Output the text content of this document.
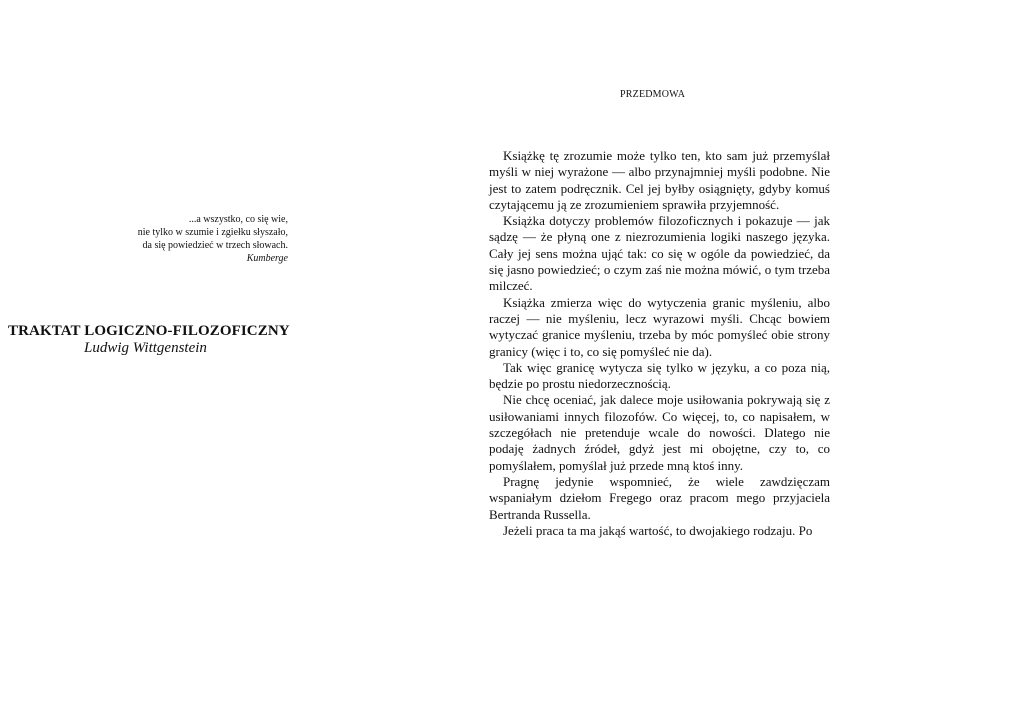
...a wszystko, co się wie,
nie tylko w szumie i zgiełku słyszało,
da się powiedzieć w trzech słowach.
Kumberge
TRAKTAT LOGICZNO-FILOZOFICZNY
Ludwig Wittgenstein
PRZEDMOWA

Książkę tę zrozumie może tylko ten, kto sam już przemyślał myśli w niej wyrażone — albo przynajmniej myśli podobne. Nie jest to zatem podręcznik. Cel jej byłby osiągnięty, gdyby komuś czytającemu ją ze zrozumieniem sprawiła przyjemność.

Książka dotyczy problemów filozoficznych i pokazuje — jak sądzę — że płyną one z niezrozumienia logiki naszego języka. Cały jej sens można ująć tak: co się w ogóle da powiedzieć, da się jasno powiedzieć; o czym zaś nie można mówić, o tym trzeba milczeć.

Książka zmierza więc do wytyczenia granic myśleniu, albo raczej — nie myśleniu, lecz wyrazowi myśli. Chcąc bowiem wytyczać granice myśleniu, trzeba by móc pomyśleć obie strony granicy (więc i to, co się pomyśleć nie da).

Tak więc granicę wytycza się tylko w języku, a co poza nią, będzie po prostu niedorzecznością.

Nie chcę oceniać, jak dalece moje usiłowania pokrywają się z usiłowaniami innych filozofów. Co więcej, to, co napisałem, w szczegółach nie pretenduje wcale do nowości. Dlatego nie podaję żadnych źródeł, gdyż jest mi obojętne, czy to, co pomyślałem, pomyślał już przede mną ktoś inny.

Pragnę jedynie wspomnieć, że wiele zawdzięczam wspaniałym dziełom Fregego oraz pracom mego przyjaciela Bertranda Russella.

Jeżeli praca ta ma jakąś wartość, to dwojakiego rodzaju. Po
